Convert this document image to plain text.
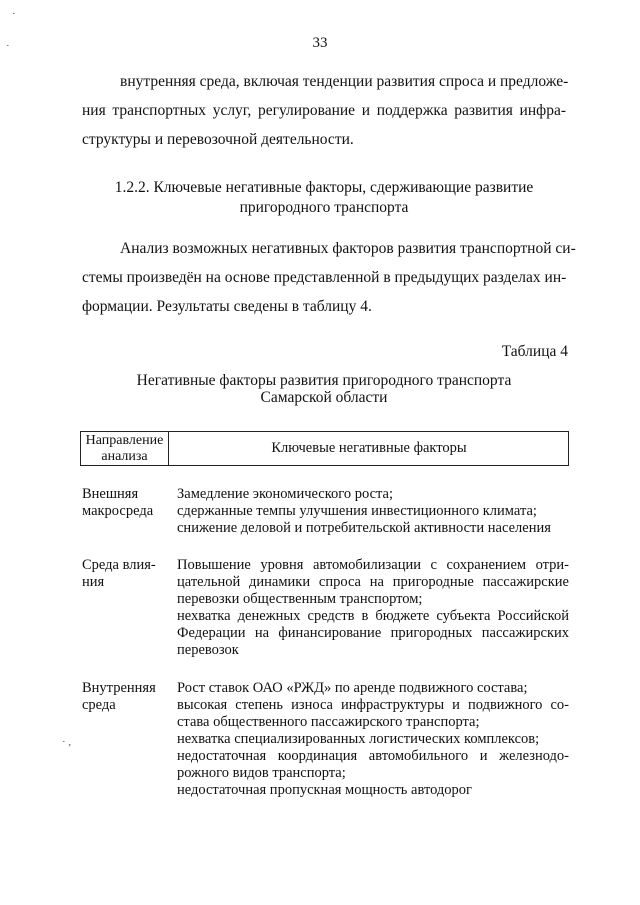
33
внутренняя среда, включая тенденции развития спроса и предложе-
ния транспортных услуг, регулирование и поддержка развития инфра-
структуры и перевозочной деятельности.
1.2.2. Ключевые негативные факторы, сдерживающие развитие
пригородного транспорта
Анализ возможных негативных факторов развития транспортной си-
стемы произведён на основе представленной в предыдущих разделах ин-
формации. Результаты сведены в таблицу 4.
Таблица 4
Негативные факторы развития пригородного транспорта
Самарской области
Направление
анализа
Ключевые негативные факторы
Внешняя
макросреда
Замедление экономического роста;
сдержанные темпы улучшения инвестиционного климата;
снижение деловой и потребительской активности населения
Среда влия-
ния
Повышение уровня автомобилизации с сохранением отри-
цательной динамики спроса на пригородные пассажирские
перевозки общественным транспортом;
нехватка денежных средств в бюджете субъекта Российской
Федерации на финансирование пригородных пассажирских
перевозок
Внутренняя
среда
Рост ставок ОАО «РЖД» по аренде подвижного состава;
высокая степень износа инфраструктуры и подвижного со-
става общественного пассажирского транспорта;
нехватка специализированных логистических комплексов;
недостаточная координация автомобильного и железнодо-
рожного видов транспорта;
недостаточная пропускная мощность автодорог
·
·
· ,
